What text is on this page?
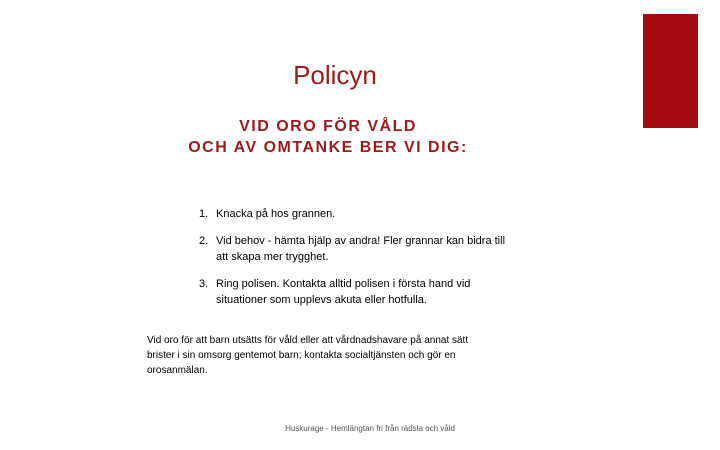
Policyn
VID ORO FÖR VÅLD
OCH AV OMTANKE BER VI DIG:
1. Knacka på hos grannen.
2. Vid behov - hämta hjälp av andra! Fler grannar kan bidra till att skapa mer trygghet.
3. Ring polisen. Kontakta alltid polisen i första hand vid situationer som upplevs akuta eller hotfulla.
Vid oro för att barn utsätts för våld eller att vårdnadshavare på annat sätt brister i sin omsorg gentemot barn; kontakta socialtjänsten och gör en orosanmälan.
Huskurage - Hemlängtan fri från rädsla och våld
